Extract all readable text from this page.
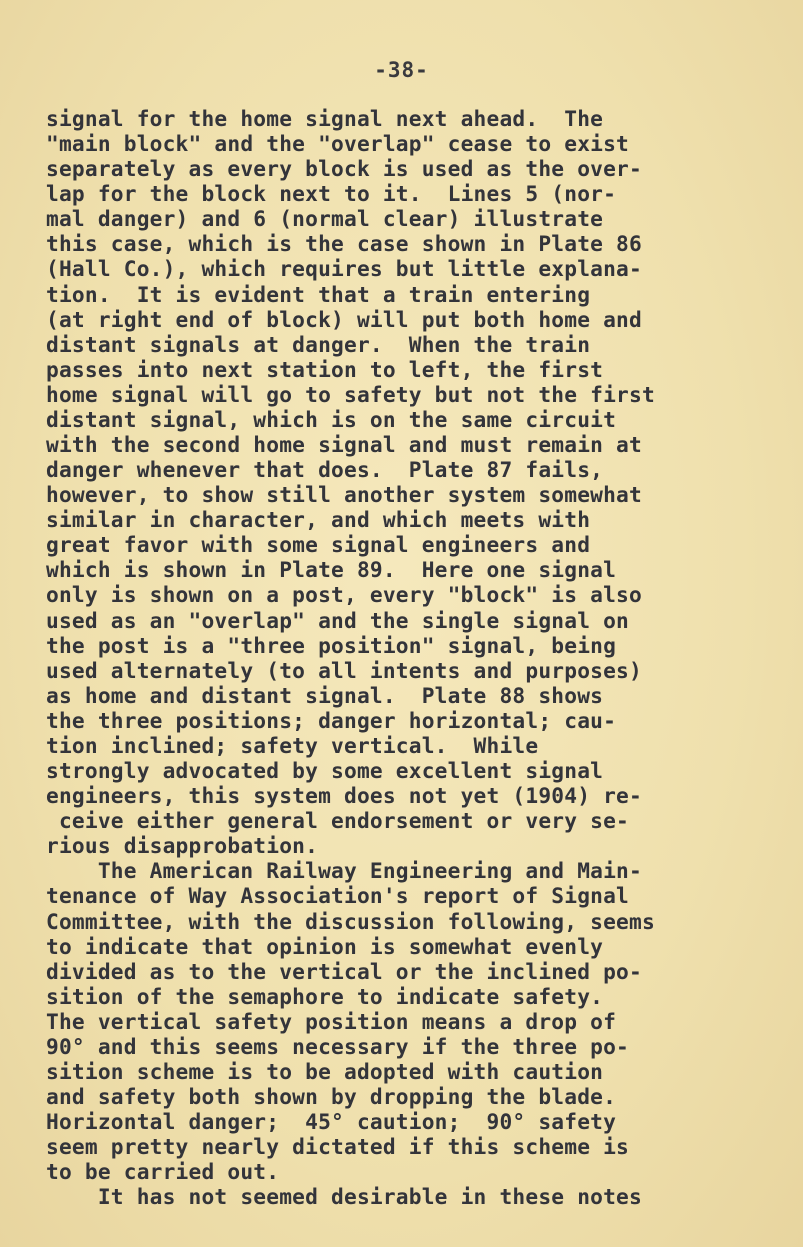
-38-
signal for the home signal next ahead.  The
"main block" and the "overlap" cease to exist
separately as every block is used as the over-
lap for the block next to it.  Lines 5 (nor-
mal danger) and 6 (normal clear) illustrate
this case, which is the case shown in Plate 86
(Hall Co.), which requires but little explana-
tion.  It is evident that a train entering
(at right end of block) will put both home and
distant signals at danger.  When the train
passes into next station to left, the first
home signal will go to safety but not the first
distant signal, which is on the same circuit
with the second home signal and must remain at
danger whenever that does.  Plate 87 fails,
however, to show still another system somewhat
similar in character, and which meets with
great favor with some signal engineers and
which is shown in Plate 89.  Here one signal
only is shown on a post, every "block" is also
used as an "overlap" and the single signal on
the post is a "three position" signal, being
used alternately (to all intents and purposes)
as home and distant signal.  Plate 88 shows
the three positions; danger horizontal; cau-
tion inclined; safety vertical.  While
strongly advocated by some excellent signal
engineers, this system does not yet (1904) re-
ceive either general endorsement or very se-
rious disapprobation.
The American Railway Engineering and Main-
tenance of Way Association's report of Signal
Committee, with the discussion following, seems
to indicate that opinion is somewhat evenly
divided as to the vertical or the inclined po-
sition of the semaphore to indicate safety.
The vertical safety position means a drop of
90° and this seems necessary if the three po-
sition scheme is to be adopted with caution
and safety both shown by dropping the blade.
Horizontal danger;  45° caution;  90° safety
seem pretty nearly dictated if this scheme is
to be carried out.
It has not seemed desirable in these notes
